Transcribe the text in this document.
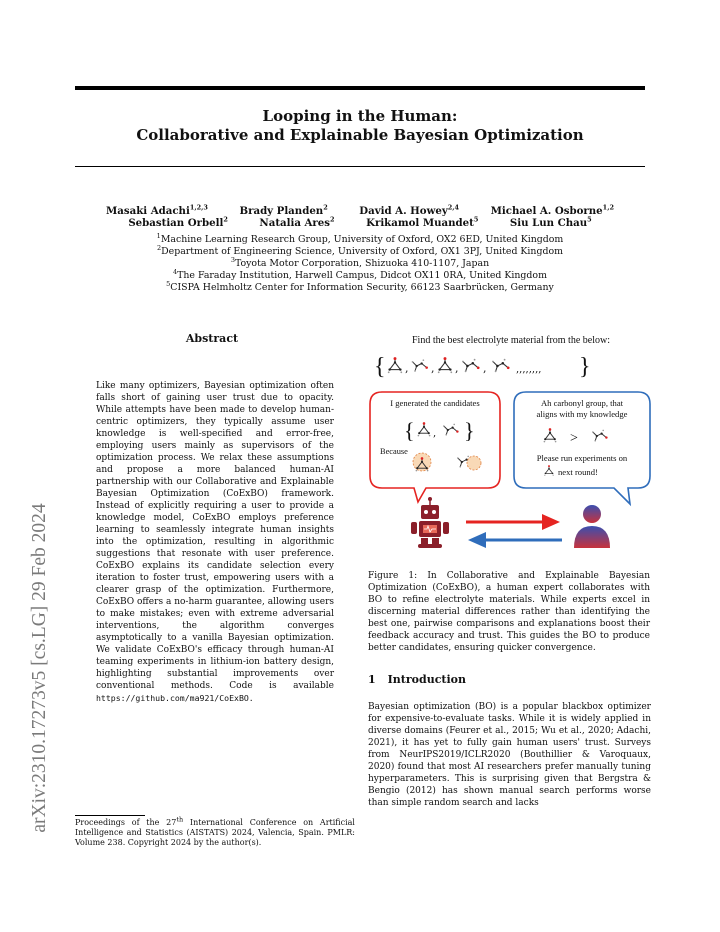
Looping in the Human:
Collaborative and Explainable Bayesian Optimization
Masaki Adachi$^{1,2,3}$	Brady Planden$^2$	David A. Howey$^{2,4}$	Michael A. Osborne$^{1,2}$
Sebastian Orbell$^2$	Natalia Ares$^2$	Krikamol Muandet$^5$	Siu Lun Chau$^5$
$^1$Machine Learning Research Group, University of Oxford, OX2 6ED, United Kingdom
$^2$Department of Engineering Science, University of Oxford, OX1 3PJ, United Kingdom
$^3$Toyota Motor Corporation, Shizuoka 410-1107, Japan
$^4$The Faraday Institution, Harwell Campus, Didcot OX11 0RA, United Kingdom
$^5$CISPA Helmholtz Center for Information Security, 66123 Saarbrücken, Germany
arXiv:2310.17273v5 [cs.LG] 29 Feb 2024
Abstract
Like many optimizers, Bayesian optimization often falls short of gaining user trust due to opacity. While attempts have been made to develop human-centric optimizers, they typically assume user knowledge is well-specified and error-free, employing users mainly as supervisors of the optimization process. We relax these assumptions and propose a more balanced human-AI partnership with our Collaborative and Explainable Bayesian Optimization (CoExBO) framework. Instead of explicitly requiring a user to provide a knowledge model, CoExBO employs preference learning to seamlessly integrate human insights into the optimization, resulting in algorithmic suggestions that resonate with user preference. CoExBO explains its candidate selection every iteration to foster trust, empowering users with a clearer grasp of the optimization. Furthermore, CoExBO offers a no-harm guarantee, allowing users to make mistakes; even with extreme adversarial interventions, the algorithm converges asymptotically to a vanilla Bayesian optimization. We validate CoExBO's efficacy through human-AI teaming experiments in lithium-ion battery design, highlighting substantial improvements over conventional methods. Code is available https://github.com/ma921/CoExBO.
Proceedings of the 27th International Conference on Artificial Intelligence and Statistics (AISTATS) 2024, Valencia, Spain. PMLR: Volume 238. Copyright 2024 by the author(s).
Find the best electrolyte material from the below:
{ , , , ,	,,,,,,,, }
I generated the candidates
{ , }
Because
Ah carbonyl group, that
aligns with my knowledge
>
Please run experiments on
next round!
Figure 1: In Collaborative and Explainable Bayesian Optimization (CoExBO), a human expert collaborates with BO to refine electrolyte materials. While experts excel in discerning material differences rather than identifying the best one, pairwise comparisons and explanations boost their feedback accuracy and trust. This guides the BO to produce better candidates, ensuring quicker convergence.
1 Introduction
Bayesian optimization (BO) is a popular blackbox optimizer for expensive-to-evaluate tasks. While it is widely applied in diverse domains (Feurer et al., 2015; Wu et al., 2020; Adachi, 2021), it has yet to fully gain human users' trust. Surveys from NeurIPS2019/ICLR2020 (Bouthillier & Varoquaux, 2020) found that most AI researchers prefer manually tuning hyperparameters. This is surprising given that Bergstra & Bengio (2012) has shown manual search performs worse than simple random search and lacks
